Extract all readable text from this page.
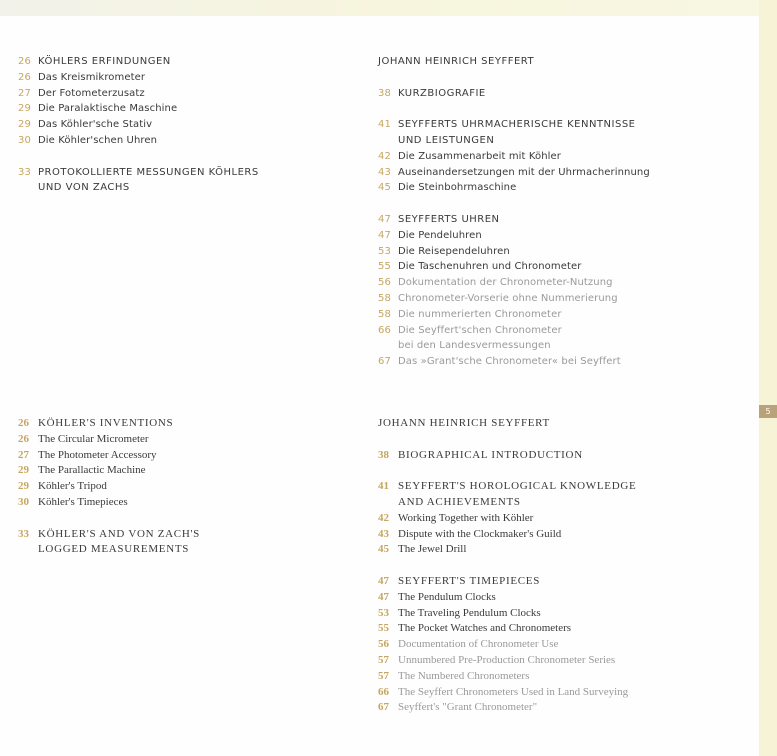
26 KÖHLERS ERFINDUNGEN
26 Das Kreismikrometer
27 Der Fotometerzusatz
29 Die Paralaktische Maschine
29 Das Köhler'sche Stativ
30 Die Köhler'schen Uhren
33 PROTOKOLLIERTE MESSUNGEN KÖHLERS
UND VON ZACHS
JOHANN HEINRICH SEYFFERT
38 KURZBIOGRAFIE
41 SEYFFERTS UHRMACHERISCHE KENNTNISSE
UND LEISTUNGEN
42 Die Zusammenarbeit mit Köhler
43 Auseinandersetzungen mit der Uhrmacherinnung
45 Die Steinbohrmaschine
47 SEYFFERTS UHREN
47 Die Pendeluhren
53 Die Reisependeluhren
55 Die Taschenuhren und Chronometer
56 Dokumentation der Chronometer-Nutzung
58 Chronometer-Vorserie ohne Nummerierung
58 Die nummerierten Chronometer
66 Die Seyffert'schen Chronometer
bei den Landesvermessungen
67 Das »Grant'sche Chronometer« bei Seyffert
26 KÖHLER'S INVENTIONS
26 The Circular Micrometer
27 The Photometer Accessory
29 The Parallactic Machine
29 Köhler's Tripod
30 Köhler's Timepieces
33 KÖHLER'S AND VON ZACH'S
LOGGED MEASUREMENTS
JOHANN HEINRICH SEYFFERT
38 BIOGRAPHICAL INTRODUCTION
41 SEYFFERT'S HOROLOGICAL KNOWLEDGE
AND ACHIEVEMENTS
42 Working Together with Köhler
43 Dispute with the Clockmaker's Guild
45 The Jewel Drill
47 SEYFFERT'S TIMEPIECES
47 The Pendulum Clocks
53 The Traveling Pendulum Clocks
55 The Pocket Watches and Chronometers
56 Documentation of Chronometer Use
57 Unnumbered Pre-Production Chronometer Series
57 The Numbered Chronometers
66 The Seyffert Chronometers Used in Land Surveying
67 Seyffert's "Grant Chronometer"
5
